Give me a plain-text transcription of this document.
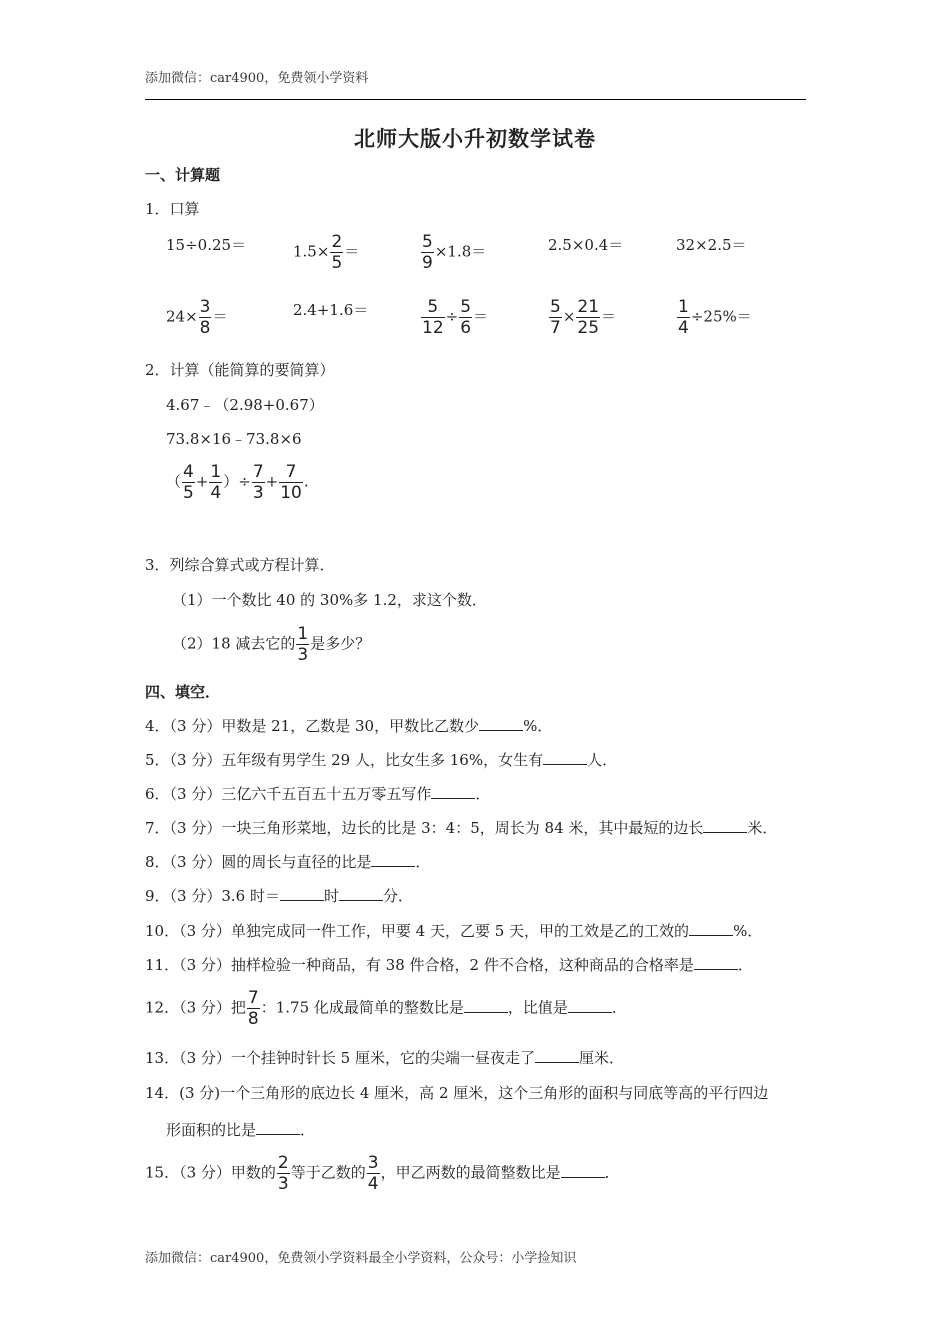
添加微信：car4900，免费领小学资料
北师大版小升初数学试卷
一、计算题
1．口算
15÷0.25＝	$1.5\times \frac{2}{5}$ ＝	$\frac{5}{9} \times 1.8=$	2.5×0.4＝	32×2.5＝
$24\times \frac{3}{8}$ ＝	2.4+1.6＝	$\frac{5}{12} \div \frac{5}{6}$ ＝	$\frac{5}{7} \times \frac{21}{25}$ ＝	$\frac{1}{4} \div 25\%=$
2．计算（能简算的要简算）
4.67﹣（2.98+0.67）
73.8×16﹣73.8×6
（ $\frac{4}{5} + \frac{1}{4}$ ）÷ $\frac{7}{3} + \frac{7}{10}$ .
3．列综合算式或方程计算．
（1）一个数比 40 的 30%多 1.2，求这个数．
（2）18 减去它的 $\frac{1}{3}$ 是多少？
四、填空．
4．（3 分）甲数是 21，乙数是 30，甲数比乙数少	%．
5．（3 分）五年级有男学生 29 人，比女生多 16%，女生有	人．
6．（3 分）三亿六千五百五十五万零五写作	．
7．（3 分）一块三角形菜地，边长的比是 3：4：5，周长为 84 米，其中最短的边长	米．
8．（3 分）圆的周长与直径的比是	．
9．（3 分）3.6 时＝	时	分．
10．（3 分）单独完成同一件工作，甲要 4 天，乙要 5 天，甲的工效是乙的工效的	%．
11．（3 分）抽样检验一种商品，有 38 件合格，2 件不合格，这种商品的合格率是	．
12．（3 分）把 $\frac{7}{8}$ ：1.75 化成最简单的整数比是	，比值是	．
13．（3 分）一个挂钟时针长 5 厘米，它的尖端一昼夜走了	厘米．
14．(3 分)一个三角形的底边长 4 厘米，高 2 厘米，这个三角形的面积与同底等高的平行四边
形面积的比是	．
15．（3 分）甲数的 $\frac{2}{3}$ 等于乙数的 $\frac{3}{4}$ ，甲乙两数的最简整数比是	．
添加微信：car4900，免费领小学资料最全小学资料，公众号：小学捡知识
